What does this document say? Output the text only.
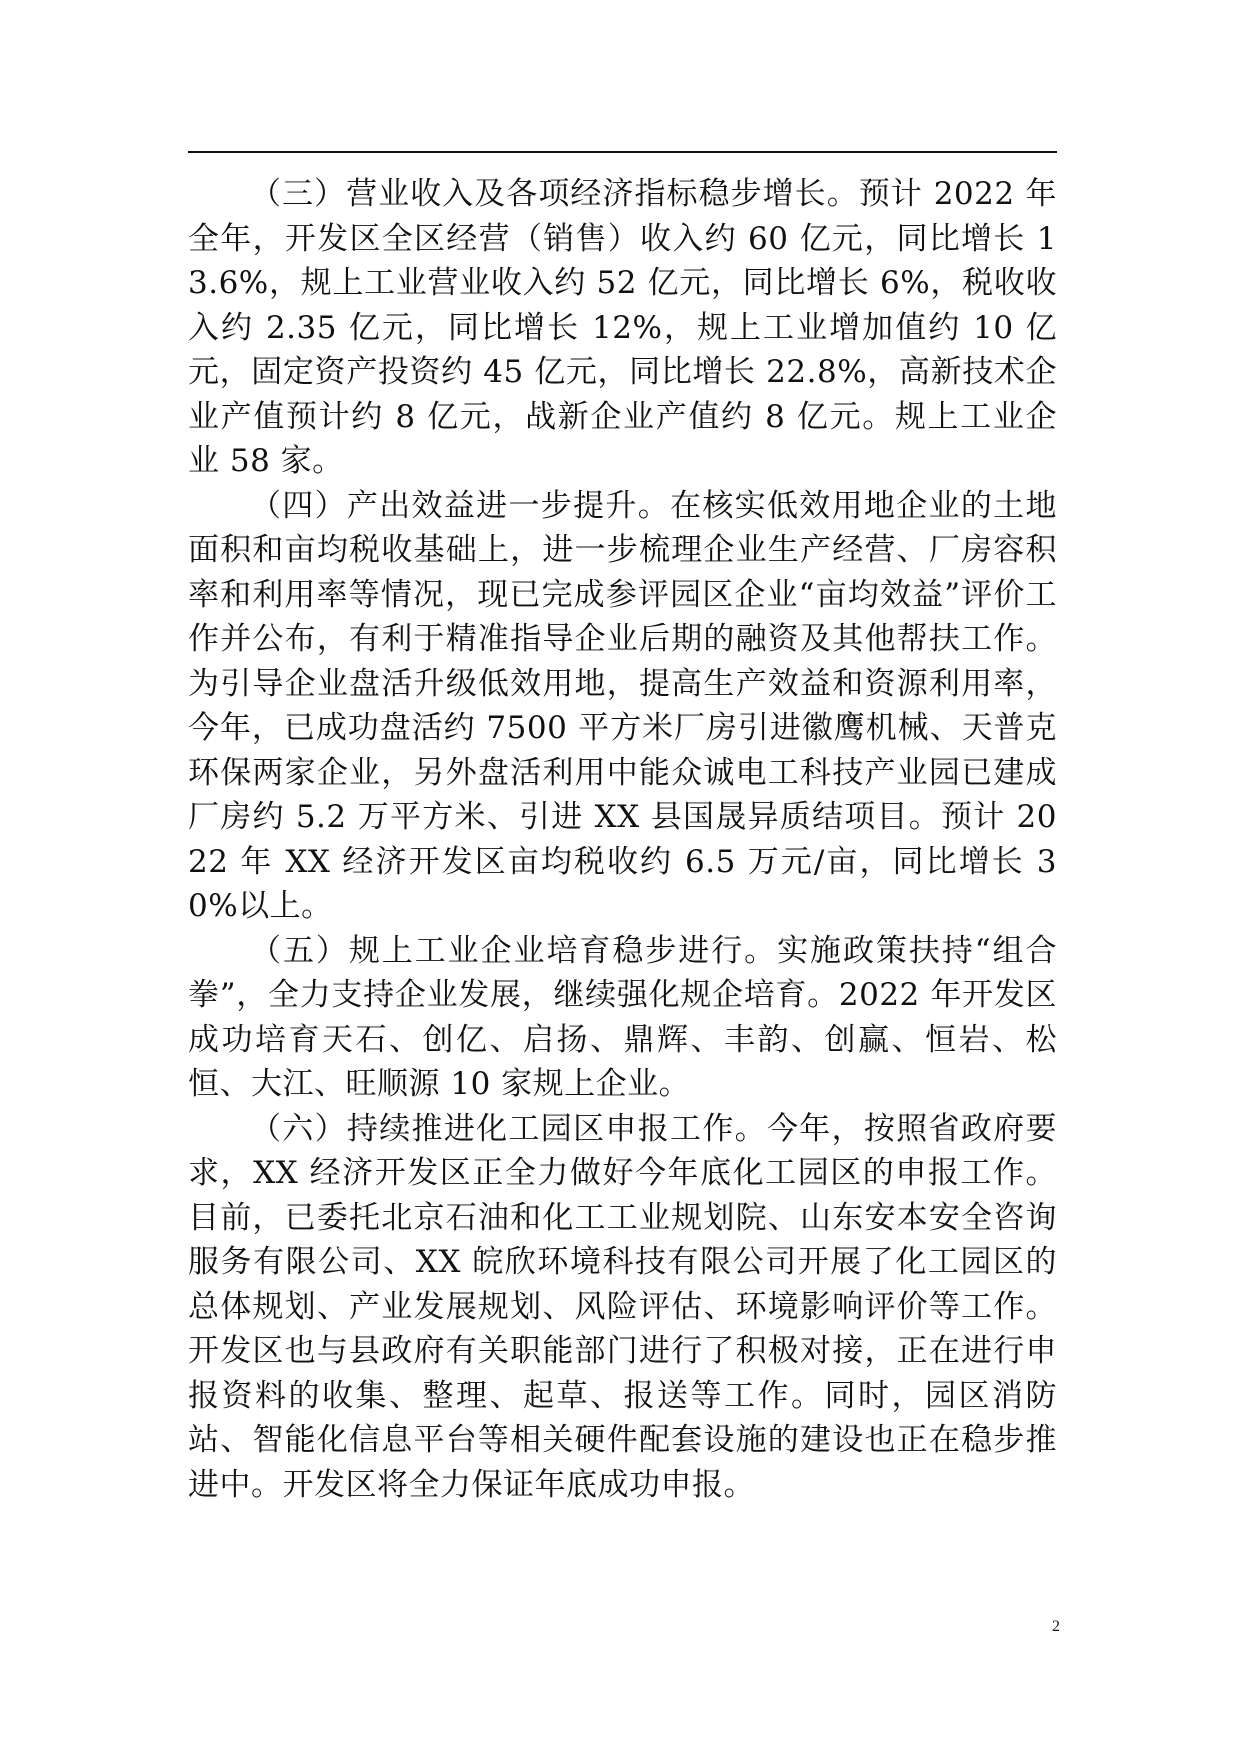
（三）营业收入及各项经济指标稳步增长。预计 2022 年全年，开发区全区经营（销售）收入约 60 亿元，同比增长 13.6%，规上工业营业收入约 52 亿元，同比增长 6%，税收收入约 2.35 亿元，同比增长 12%，规上工业增加值约 10 亿元，固定资产投资约 45 亿元，同比增长 22.8%，高新技术企业产值预计约 8 亿元，战新企业产值约 8 亿元。规上工业企业 58 家。

（四）产出效益进一步提升。在核实低效用地企业的土地面积和亩均税收基础上，进一步梳理企业生产经营、厂房容积率和利用率等情况，现已完成参评园区企业“亩均效益”评价工作并公布，有利于精准指导企业后期的融资及其他帮扶工作。为引导企业盘活升级低效用地，提高生产效益和资源利用率，今年，已成功盘活约 7500 平方米厂房引进徽鹰机械、天普克环保两家企业，另外盘活利用中能众诚电工科技产业园已建成厂房约 5.2 万平方米、引进 XX 县国晟异质结项目。预计 2022 年 XX 经济开发区亩均税收约 6.5 万元/亩，同比增长 30%以上。

（五）规上工业企业培育稳步进行。实施政策扶持“组合拳”，全力支持企业发展，继续强化规企培育。2022 年开发区成功培育天石、创亿、启扬、鼎辉、丰韵、创赢、恒岩、松恒、大江、旺顺源 10 家规上企业。

（六）持续推进化工园区申报工作。今年，按照省政府要求，XX 经济开发区正全力做好今年底化工园区的申报工作。目前，已委托北京石油和化工工业规划院、山东安本安全咨询服务有限公司、XX 皖欣环境科技有限公司开展了化工园区的总体规划、产业发展规划、风险评估、环境影响评价等工作。开发区也与县政府有关职能部门进行了积极对接，正在进行申报资料的收集、整理、起草、报送等工作。同时，园区消防站、智能化信息平台等相关硬件配套设施的建设也正在稳步推进中。开发区将全力保证年底成功申报。

2
